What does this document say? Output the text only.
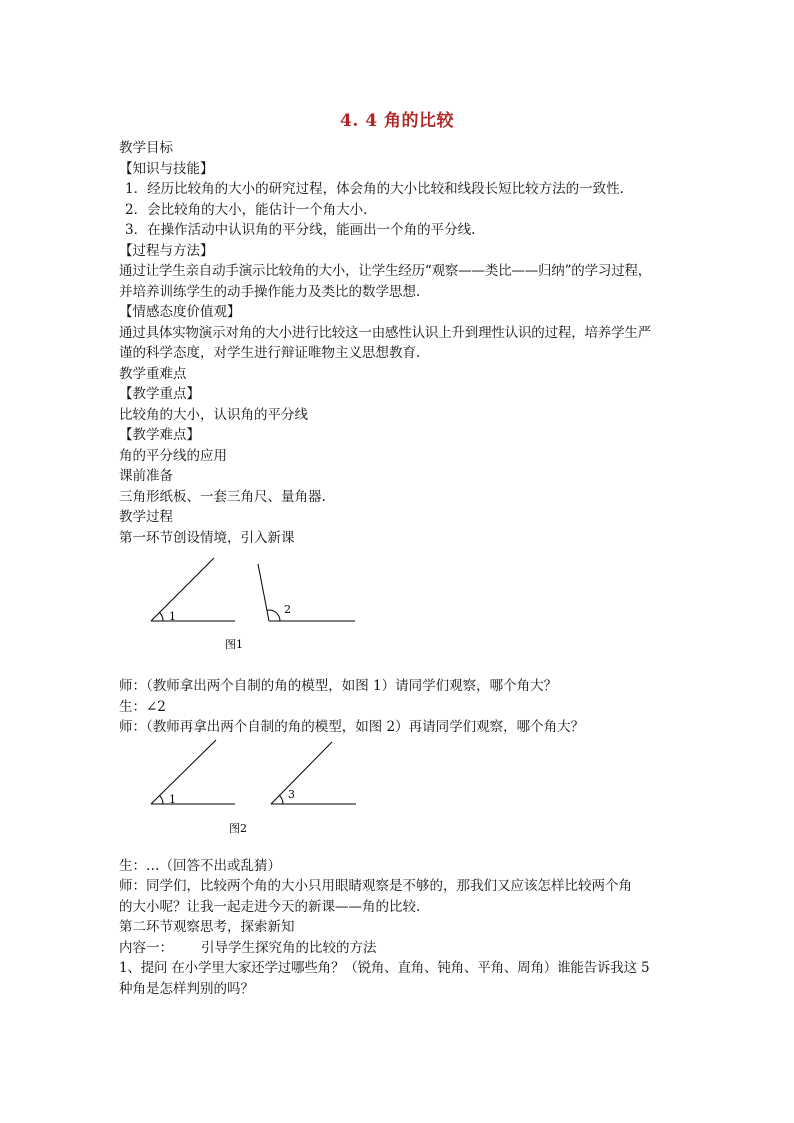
4. 4 角的比较
教学目标
【知识与技能】
1．经历比较角的大小的研究过程，体会角的大小比较和线段长短比较方法的一致性.
2．会比较角的大小，能估计一个角大小.
3．在操作活动中认识角的平分线，能画出一个角的平分线.
【过程与方法】
通过让学生亲自动手演示比较角的大小，让学生经历“观察——类比——归纳”的学习过程，
并培养训练学生的动手操作能力及类比的数学思想.
【情感态度价值观】
通过具体实物演示对角的大小进行比较这一由感性认识上升到理性认识的过程，培养学生严
谨的科学态度，对学生进行辩证唯物主义思想教育.
教学重难点
【教学重点】
比较角的大小，认识角的平分线
【教学难点】
角的平分线的应用
课前准备
三角形纸板、一套三角尺、量角器.
教学过程
第一环节创设情境，引入新课
1
2
图1
师：（教师拿出两个自制的角的模型，如图 1）请同学们观察，哪个角大？
生：∠2
师：（教师再拿出两个自制的角的模型，如图 2）再请同学们观察，哪个角大？
1	3
图2
生：…（回答不出或乱猜）
师：同学们，比较两个角的大小只用眼睛观察是不够的，那我们又应该怎样比较两个角
的大小呢？让我一起走进今天的新课——角的比较.
第二环节观察思考，探索新知
内容一： 引导学生探究角的比较的方法
1、提问 在小学里大家还学过哪些角？（锐角、直角、钝角、平角、周角）谁能告诉我这 5
种角是怎样判别的吗？
